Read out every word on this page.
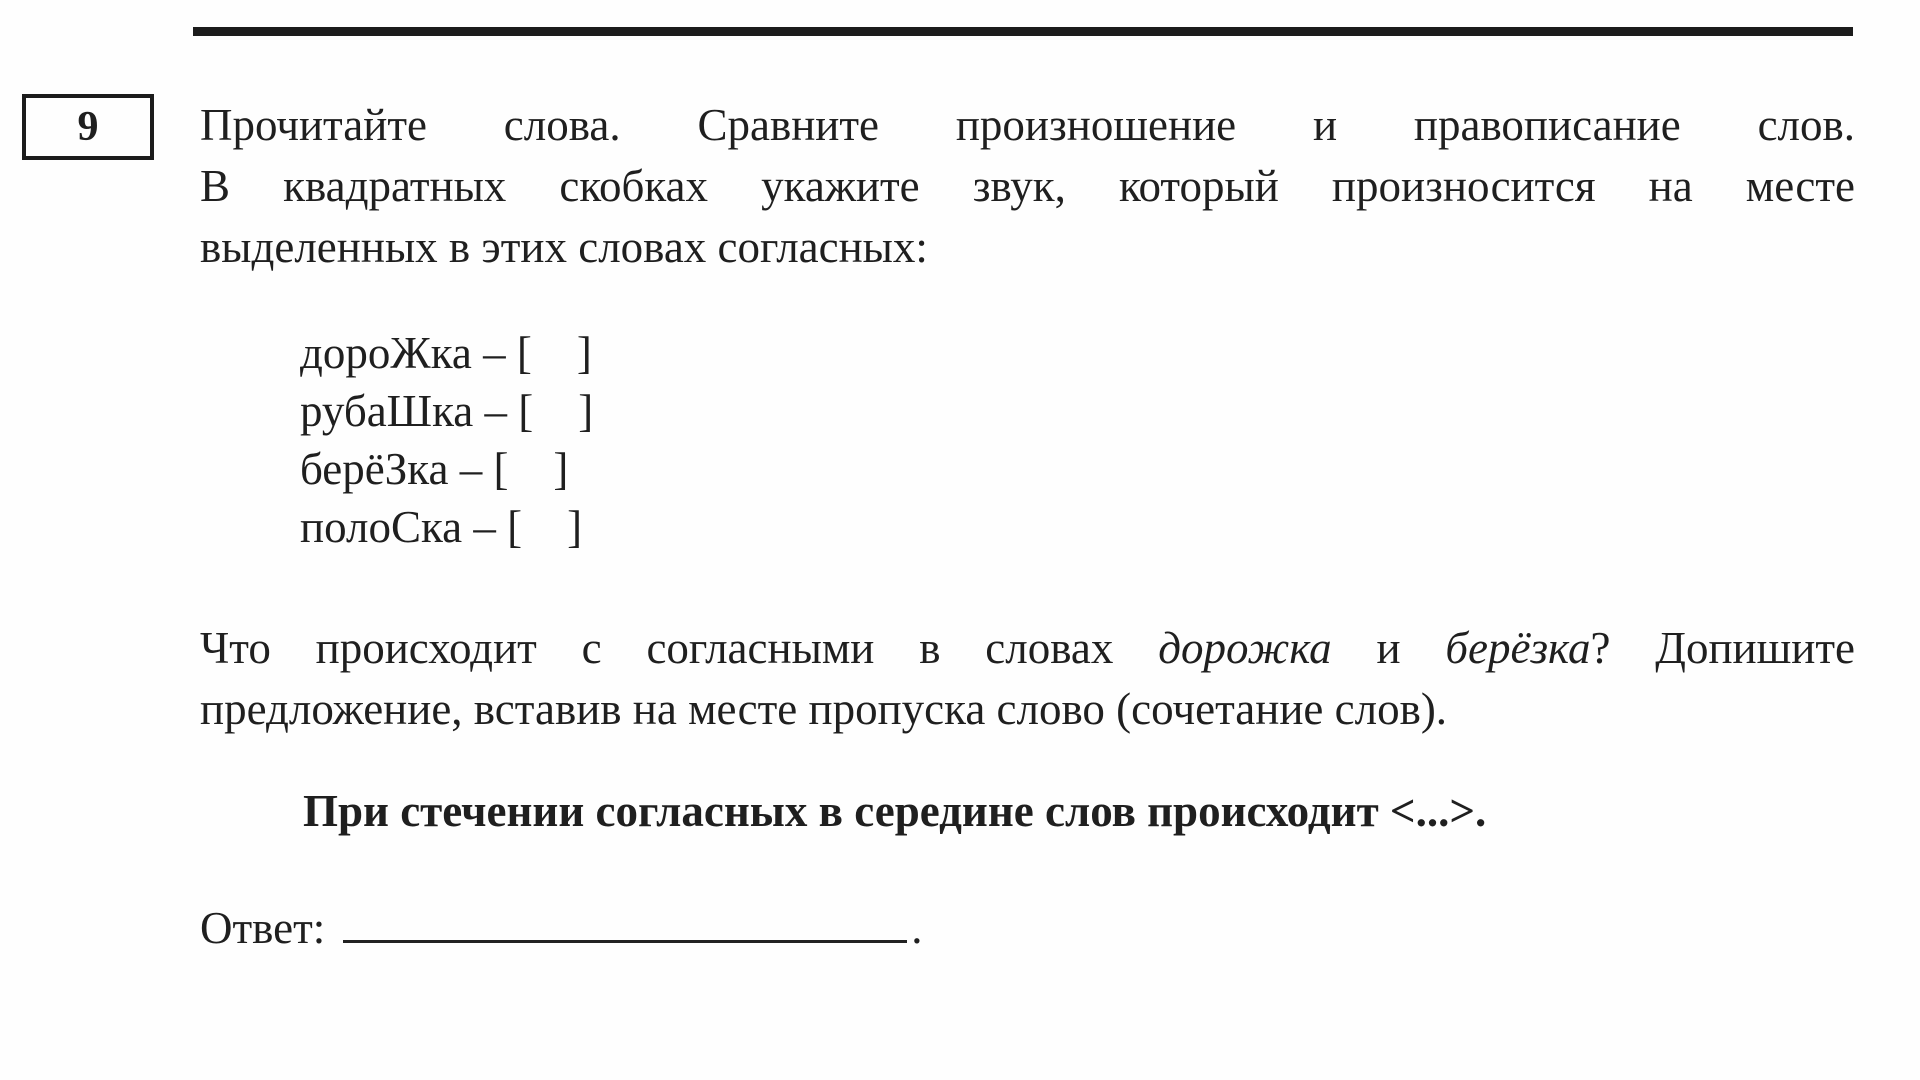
9 Прочитайте слова. Сравните произношение и правописание слов.
В квадратных скобках укажите звук, который произносится на месте
выделенных в этих словах согласных:
дороЖка – [    ]
рубаШка – [    ]
берёЗка – [    ]
полоСка – [    ]
Что происходит с согласными в словах дорожка и берёзка? Допишите
предложение, вставив на месте пропуска слово (сочетание слов).
При стечении согласных в середине слов происходит <...>.
Ответ:	.
